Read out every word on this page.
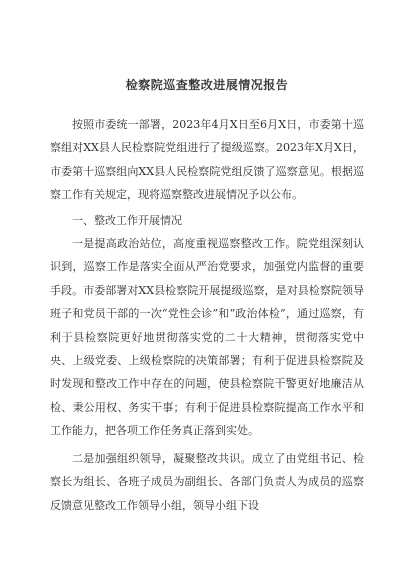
检察院巡查整改进展情况报告

按照市委统一部署，2023年4月X日至6月X日，市委第十巡察组对XX县人民检察院党组进行了提级巡察。2023年X月X日，市委第十巡察组向XX县人民检察院党组反馈了巡察意见。根据巡察工作有关规定，现将巡察整改进展情况予以公布。

一、整改工作开展情况

一是提高政治站位，高度重视巡察整改工作。院党组深刻认识到，巡察工作是落实全面从严治党要求，加强党内监督的重要手段。市委部署对XX县检察院开展提级巡察，是对县检察院领导班子和党员干部的一次“党性会诊”和“政治体检”，通过巡察，有利于县检察院更好地贯彻落实党的二十大精神，贯彻落实党中央、上级党委、上级检察院的决策部署；有利于促进县检察院及时发现和整改工作中存在的问题，使县检察院干警更好地廉洁从检、秉公用权、务实干事；有利于促进县检察院提高工作水平和工作能力，把各项工作任务真正落到实处。

二是加强组织领导，凝聚整改共识。成立了由党组书记、检察长为组长、各班子成员为副组长、各部门负责人为成员的巡察反馈意见整改工作领导小组，领导小组下设
